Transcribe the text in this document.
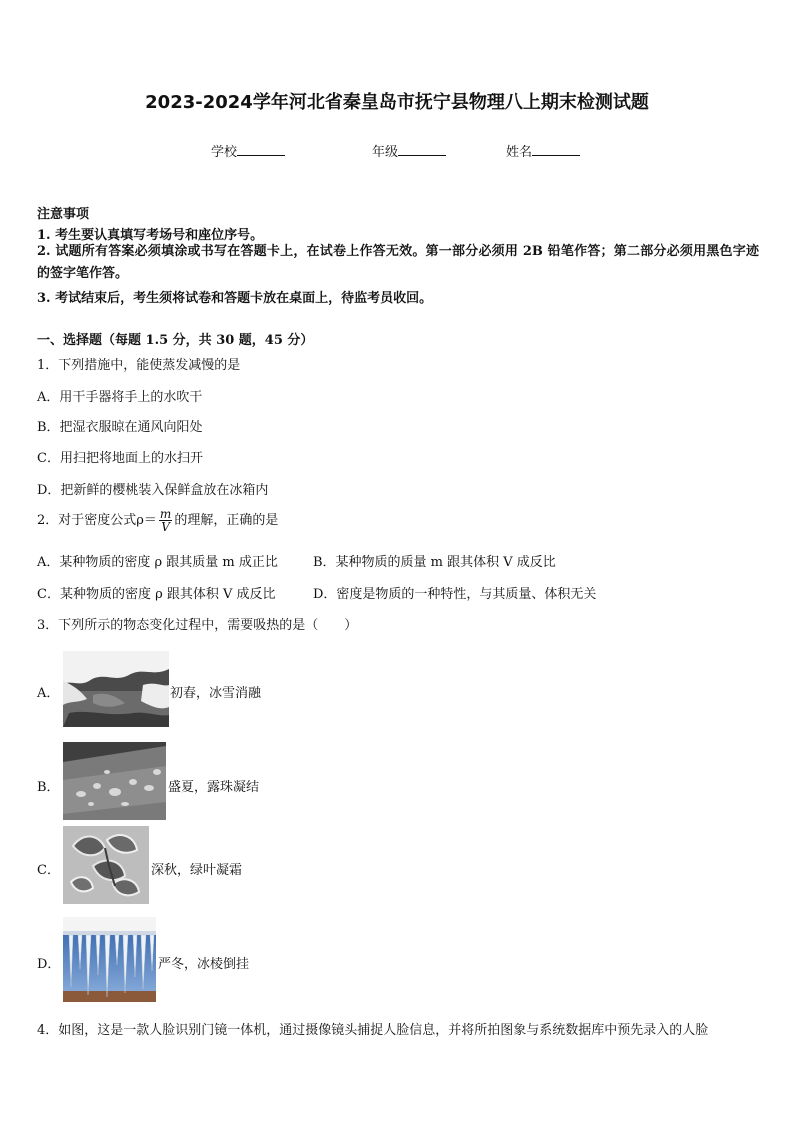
2023-2024学年河北省秦皇岛市抚宁县物理八上期末检测试题
学校	年级	姓名
注意事项
1. 考生要认真填写考场号和座位序号。
2. 试题所有答案必须填涂或书写在答题卡上，在试卷上作答无效。第一部分必须用 2B 铅笔作答；第二部分必须用黑色字迹的签字笔作答。
3. 考试结束后，考生须将试卷和答题卡放在桌面上，待监考员收回。
一、选择题（每题 1.5 分，共 30 题，45 分）
1．下列措施中，能使蒸发减慢的是
A．用干手器将手上的水吹干
B．把湿衣服晾在通风向阳处
C．用扫把将地面上的水扫开
D．把新鲜的樱桃装入保鲜盒放在冰箱内
2．对于密度公式$\rho= \frac{m}{V}$ 的理解，正确的是
A．某种物质的密度 ρ 跟其质量 m 成正比	B．某种物质的质量 m 跟其体积 V 成反比
C．某种物质的密度 ρ 跟其体积 V 成反比	D．密度是物质的一种特性，与其质量、体积无关
3．下列所示的物态变化过程中，需要吸热的是（　　）
A．	初春，冰雪消融
B．	盛夏，露珠凝结
C．	深秋，绿叶凝霜
D．	严冬，冰棱倒挂
4．如图，这是一款人脸识别门镜一体机，通过摄像镜头捕捉人脸信息，并将所拍图象与系统数据库中预先录入的人脸
